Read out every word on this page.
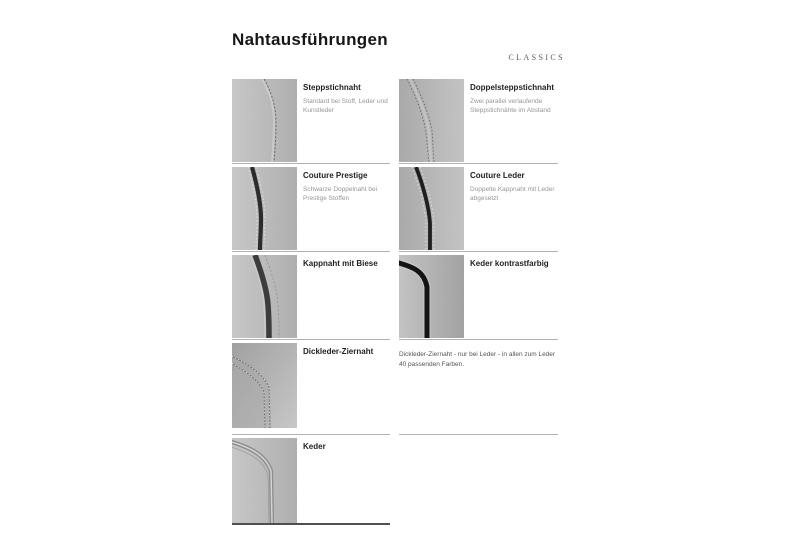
Nahtausführungen
CLASSICS
Steppstichnaht
Standard bei Stoff, Leder und Kunstleder
Doppelsteppstichnaht
Zwei parallel verlaufende Steppstichnähte im Abstand
Couture Prestige
Schwarze Doppelnaht bei Prestige Stoffen
Couture Leder
Doppelte Kappnaht mit Leder abgesetzt
Kappnaht mit Biese	Keder kontrastfarbig
Dickleder-Ziernaht	Dickleder-Ziernaht - nur bei Leder - in allen zum Leder 40 passenden Farben.
Keder
